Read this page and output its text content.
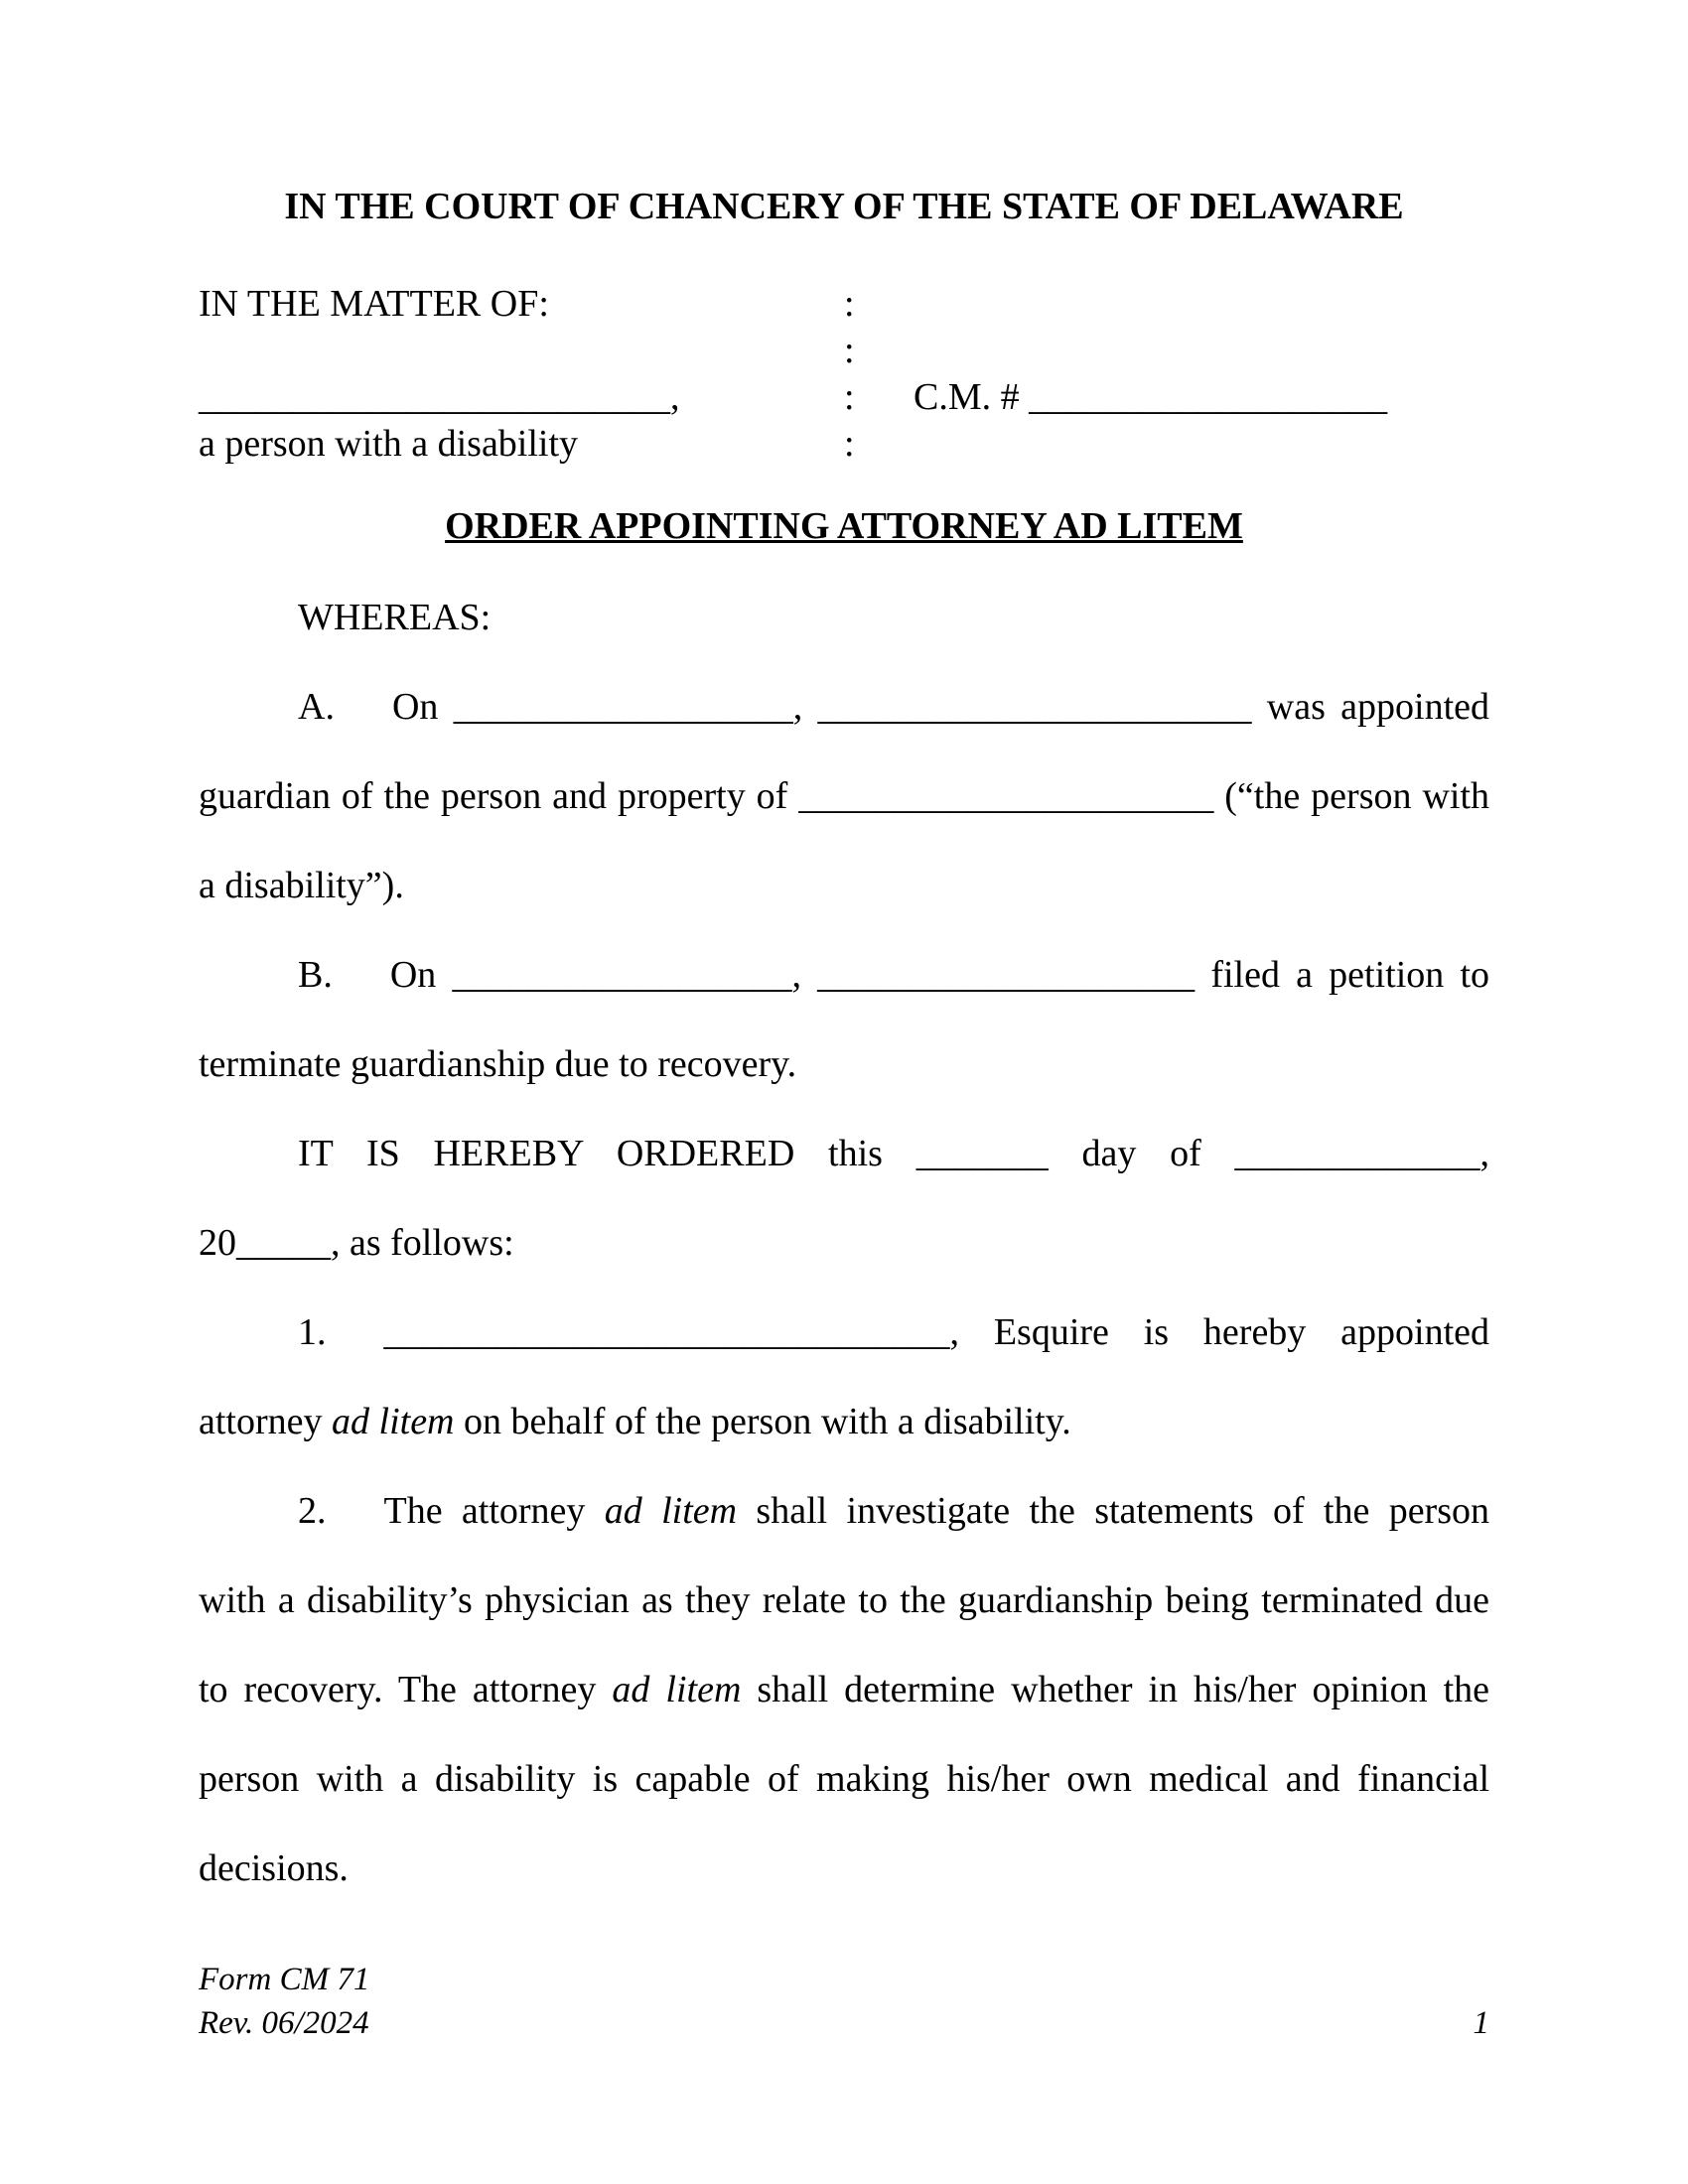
IN THE COURT OF CHANCERY OF THE STATE OF DELAWARE
IN THE MATTER OF:	:
:
_________________________,	:	C.M. # ___________________
a person with a disability	:
ORDER APPOINTING ATTORNEY AD LITEM
WHEREAS:
A. On __________________, _______________________ was appointed
guardian of the person and property of ______________________ (“the person with
a disability”).
B. On __________________, ____________________ filed a petition to
terminate guardianship due to recovery.
IT IS HEREBY ORDERED this _______ day of _____________,
20_____, as follows:
1. ______________________________, Esquire is hereby appointed
attorney ad litem on behalf of the person with a disability.
2. The attorney ad litem shall investigate the statements of the person
with a disability’s physician as they relate to the guardianship being terminated due
to recovery. The attorney ad litem shall determine whether in his/her opinion the
person with a disability is capable of making his/her own medical and financial
decisions.
Form CM 71
Rev. 06/2024	1
